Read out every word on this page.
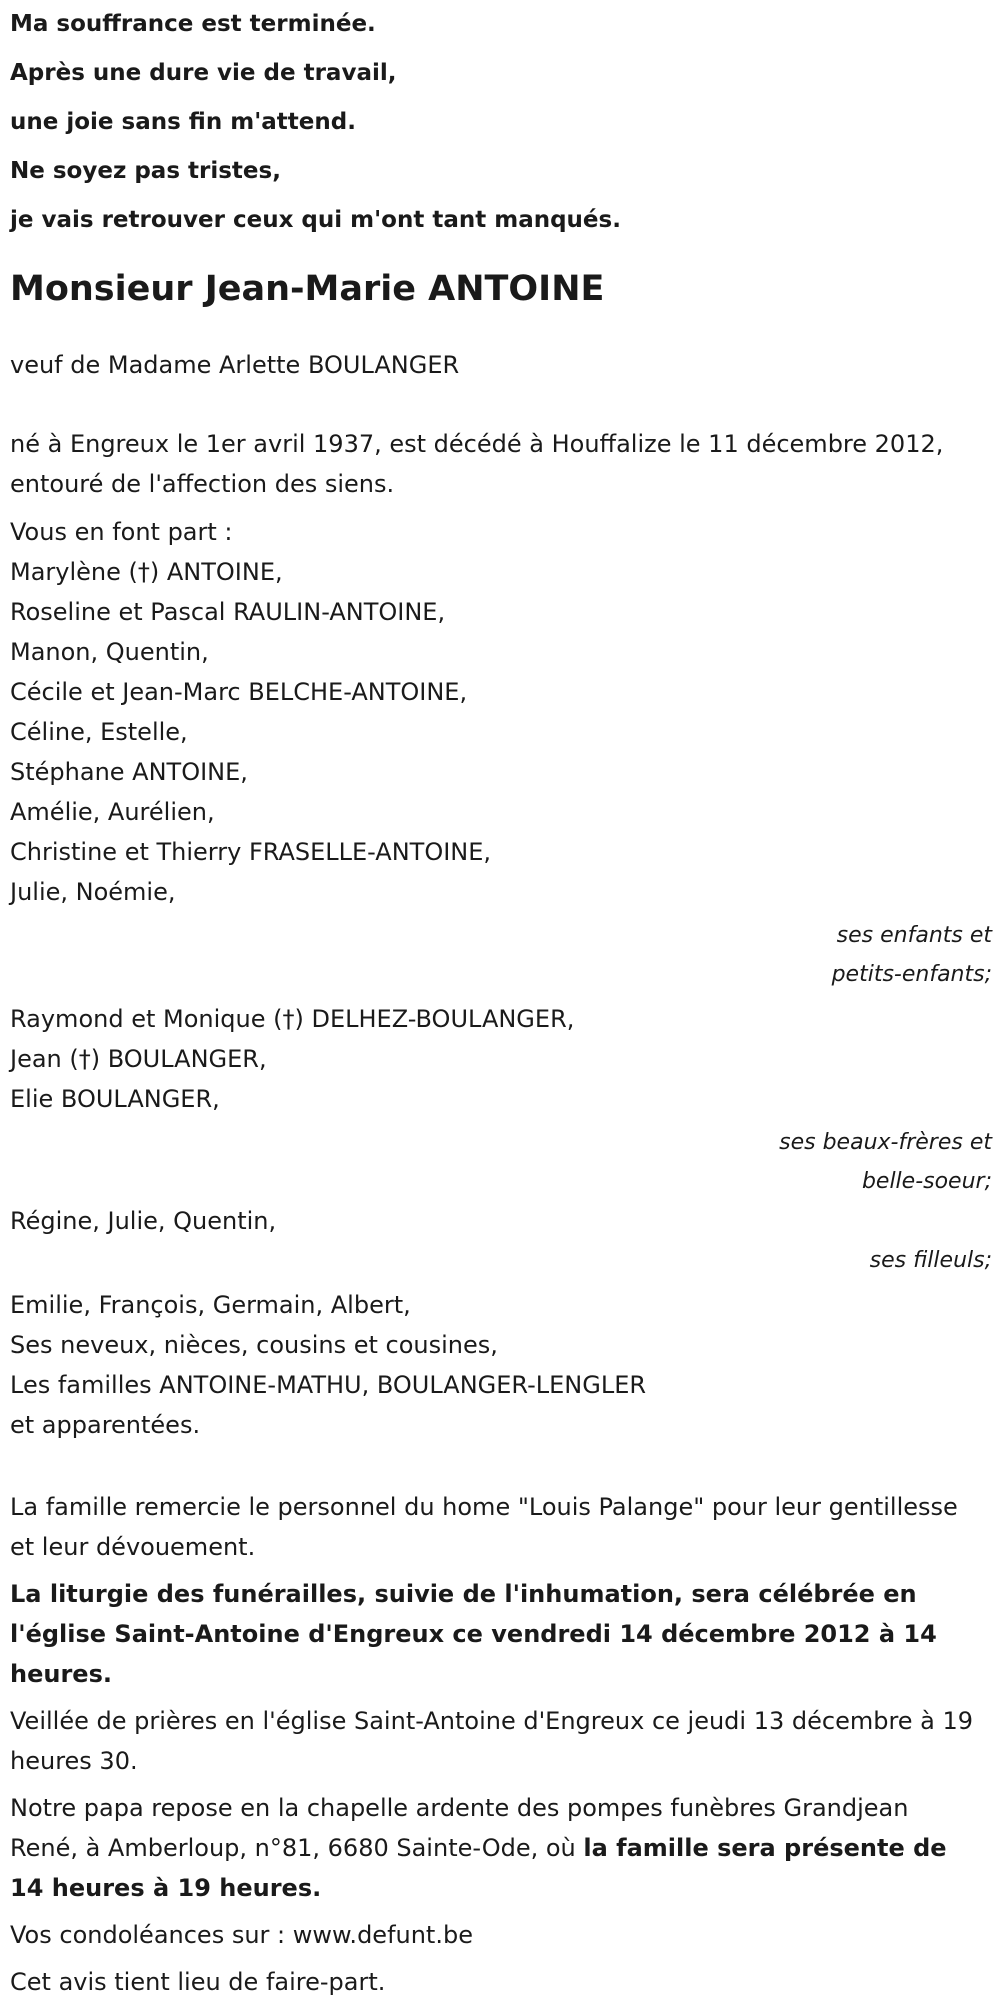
Ma souffrance est terminée.
Après une dure vie de travail,
une joie sans fin m'attend.
Ne soyez pas tristes,
je vais retrouver ceux qui m'ont tant manqués.
Monsieur Jean-Marie ANTOINE
veuf de Madame Arlette BOULANGER
né à Engreux le 1er avril 1937, est décédé à Houffalize le 11 décembre 2012, entouré de l'affection des siens.
Vous en font part :
Marylène (†) ANTOINE,
Roseline et Pascal RAULIN-ANTOINE,
Manon, Quentin,
Cécile et Jean-Marc BELCHE-ANTOINE,
Céline, Estelle,
Stéphane ANTOINE,
Amélie, Aurélien,
Christine et Thierry FRASELLE-ANTOINE,
Julie, Noémie,
ses enfants et
petits-enfants;
Raymond et Monique (†) DELHEZ-BOULANGER,
Jean (†) BOULANGER,
Elie BOULANGER,
ses beaux-frères et
belle-soeur;
Régine, Julie, Quentin,
ses filleuls;
Emilie, François, Germain, Albert,
Ses neveux, nièces, cousins et cousines,
Les familles ANTOINE-MATHU, BOULANGER-LENGLER
et apparentées.
La famille remercie le personnel du home "Louis Palange" pour leur gentillesse et leur dévouement.
La liturgie des funérailles, suivie de l'inhumation, sera célébrée en l'église Saint-Antoine d'Engreux ce vendredi 14 décembre 2012 à 14 heures.
Veillée de prières en l'église Saint-Antoine d'Engreux ce jeudi 13 décembre à 19 heures 30.
Notre papa repose en la chapelle ardente des pompes funèbres Grandjean René, à Amberloup, n°81, 6680 Sainte-Ode, où la famille sera présente de 14 heures à 19 heures.
Vos condoléances sur : www.defunt.be
Cet avis tient lieu de faire-part.
